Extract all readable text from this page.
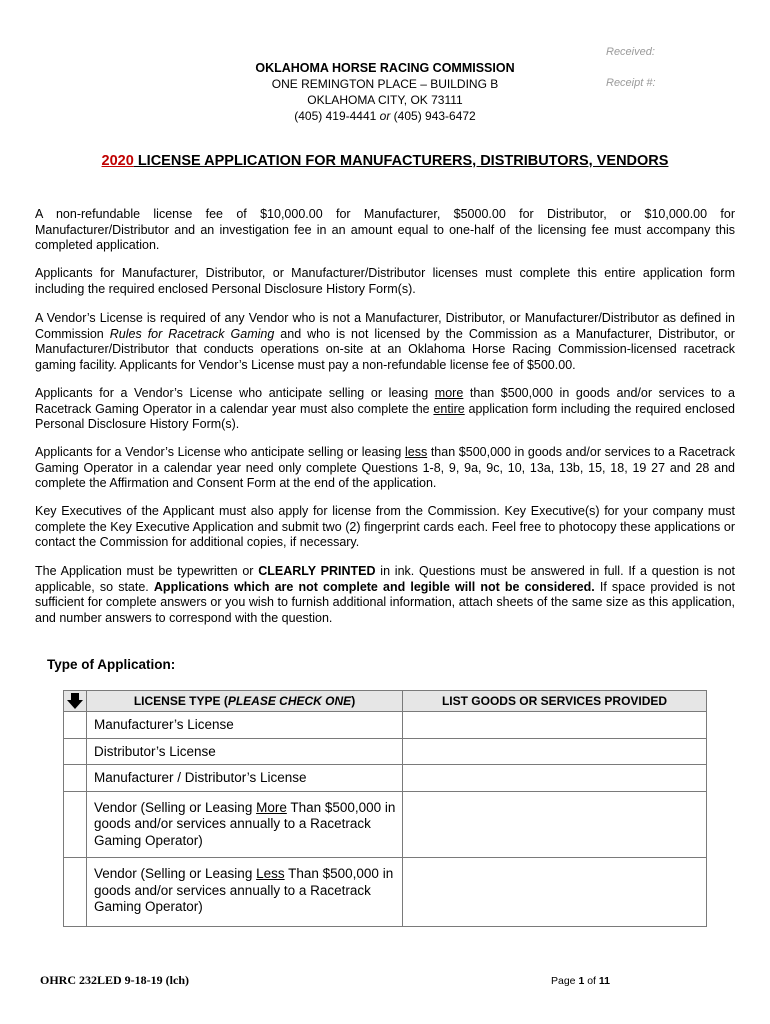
Received:
Receipt #:
OKLAHOMA HORSE RACING COMMISSION
ONE REMINGTON PLACE – BUILDING B
OKLAHOMA CITY, OK 73111
(405) 419-4441 or (405) 943-6472
2020 LICENSE APPLICATION FOR MANUFACTURERS, DISTRIBUTORS, VENDORS
A non-refundable license fee of $10,000.00 for Manufacturer, $5000.00 for Distributor, or $10,000.00 for Manufacturer/Distributor and an investigation fee in an amount equal to one-half of the licensing fee must accompany this completed application.
Applicants for Manufacturer, Distributor, or Manufacturer/Distributor licenses must complete this entire application form including the required enclosed Personal Disclosure History Form(s).
A Vendor’s License is required of any Vendor who is not a Manufacturer, Distributor, or Manufacturer/Distributor as defined in Commission Rules for Racetrack Gaming and who is not licensed by the Commission as a Manufacturer, Distributor, or Manufacturer/Distributor that conducts operations on-site at an Oklahoma Horse Racing Commission-licensed racetrack gaming facility. Applicants for Vendor’s License must pay a non-refundable license fee of $500.00.
Applicants for a Vendor’s License who anticipate selling or leasing more than $500,000 in goods and/or services to a Racetrack Gaming Operator in a calendar year must also complete the entire application form including the required enclosed Personal Disclosure History Form(s).
Applicants for a Vendor’s License who anticipate selling or leasing less than $500,000 in goods and/or services to a Racetrack Gaming Operator in a calendar year need only complete Questions 1-8, 9, 9a, 9c, 10, 13a, 13b, 15, 18, 19 27 and 28 and complete the Affirmation and Consent Form at the end of the application.
Key Executives of the Applicant must also apply for license from the Commission. Key Executive(s) for your company must complete the Key Executive Application and submit two (2) fingerprint cards each. Feel free to photocopy these applications or contact the Commission for additional copies, if necessary.
The Application must be typewritten or CLEARLY PRINTED in ink. Questions must be answered in full. If a question is not applicable, so state. Applications which are not complete and legible will not be considered. If space provided is not sufficient for complete answers or you wish to furnish additional information, attach sheets of the same size as this application, and number answers to correspond with the question.
Type of Application:
	LICENSE TYPE (PLEASE CHECK ONE)	LIST GOODS OR SERVICES PROVIDED
	Manufacturer’s License	
	Distributor’s License	
	Manufacturer / Distributor’s License	
	Vendor (Selling or Leasing More Than $500,000 in goods and/or services annually to a Racetrack Gaming Operator)	
	Vendor (Selling or Leasing Less Than $500,000 in goods and/or services annually to a Racetrack Gaming Operator)	
OHRC 232LED 9-18-19 (lch)	Page 1 of 11
